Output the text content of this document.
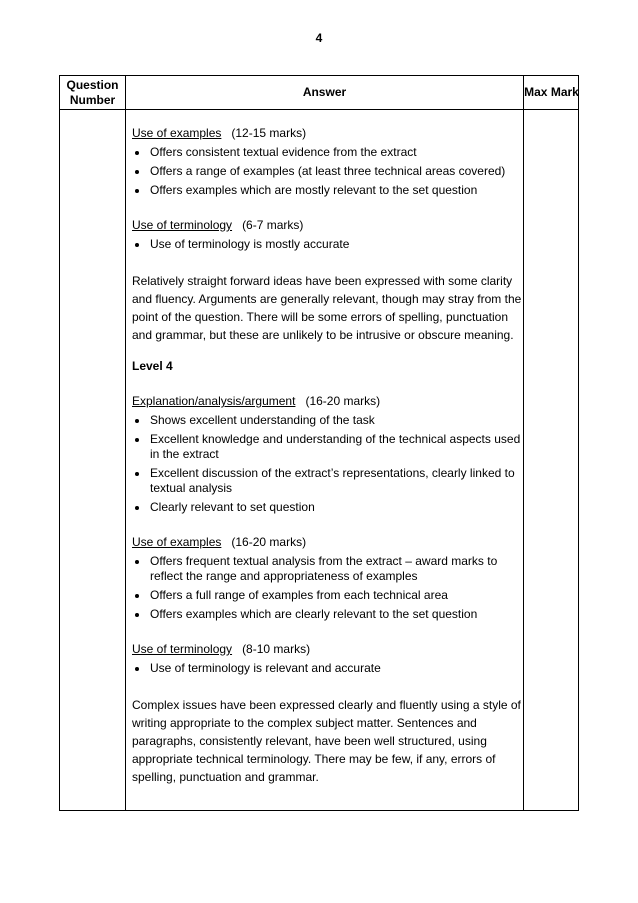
4
Question Number
Answer	Max Mark

Use of examples (12-15 marks)

Offers consistent textual evidence from the extract
Offers a range of examples (at least three technical areas covered)
Offers examples which are mostly relevant to the set question

Use of terminology (6-7 marks)

Use of terminology is mostly accurate

Relatively straight forward ideas have been expressed with some clarity and fluency. Arguments are generally relevant, though may stray from the point of the question. There will be some errors of spelling, punctuation and grammar, but these are unlikely to be intrusive or obscure meaning.

Level 4

Explanation/analysis/argument (16-20 marks)

Shows excellent understanding of the task
Excellent knowledge and understanding of the technical aspects used in the extract
Excellent discussion of the extract’s representations, clearly linked to textual analysis
Clearly relevant to set question

Use of examples (16-20 marks)

Offers frequent textual analysis from the extract – award marks to reflect the range and appropriateness of examples
Offers a full range of examples from each technical area
Offers examples which are clearly relevant to the set question

Use of terminology (8-10 marks)

Use of terminology is relevant and accurate

Complex issues have been expressed clearly and fluently using a style of writing appropriate to the complex subject matter. Sentences and paragraphs, consistently relevant, have been well structured, using appropriate technical terminology. There may be few, if any, errors of spelling, punctuation and grammar.
